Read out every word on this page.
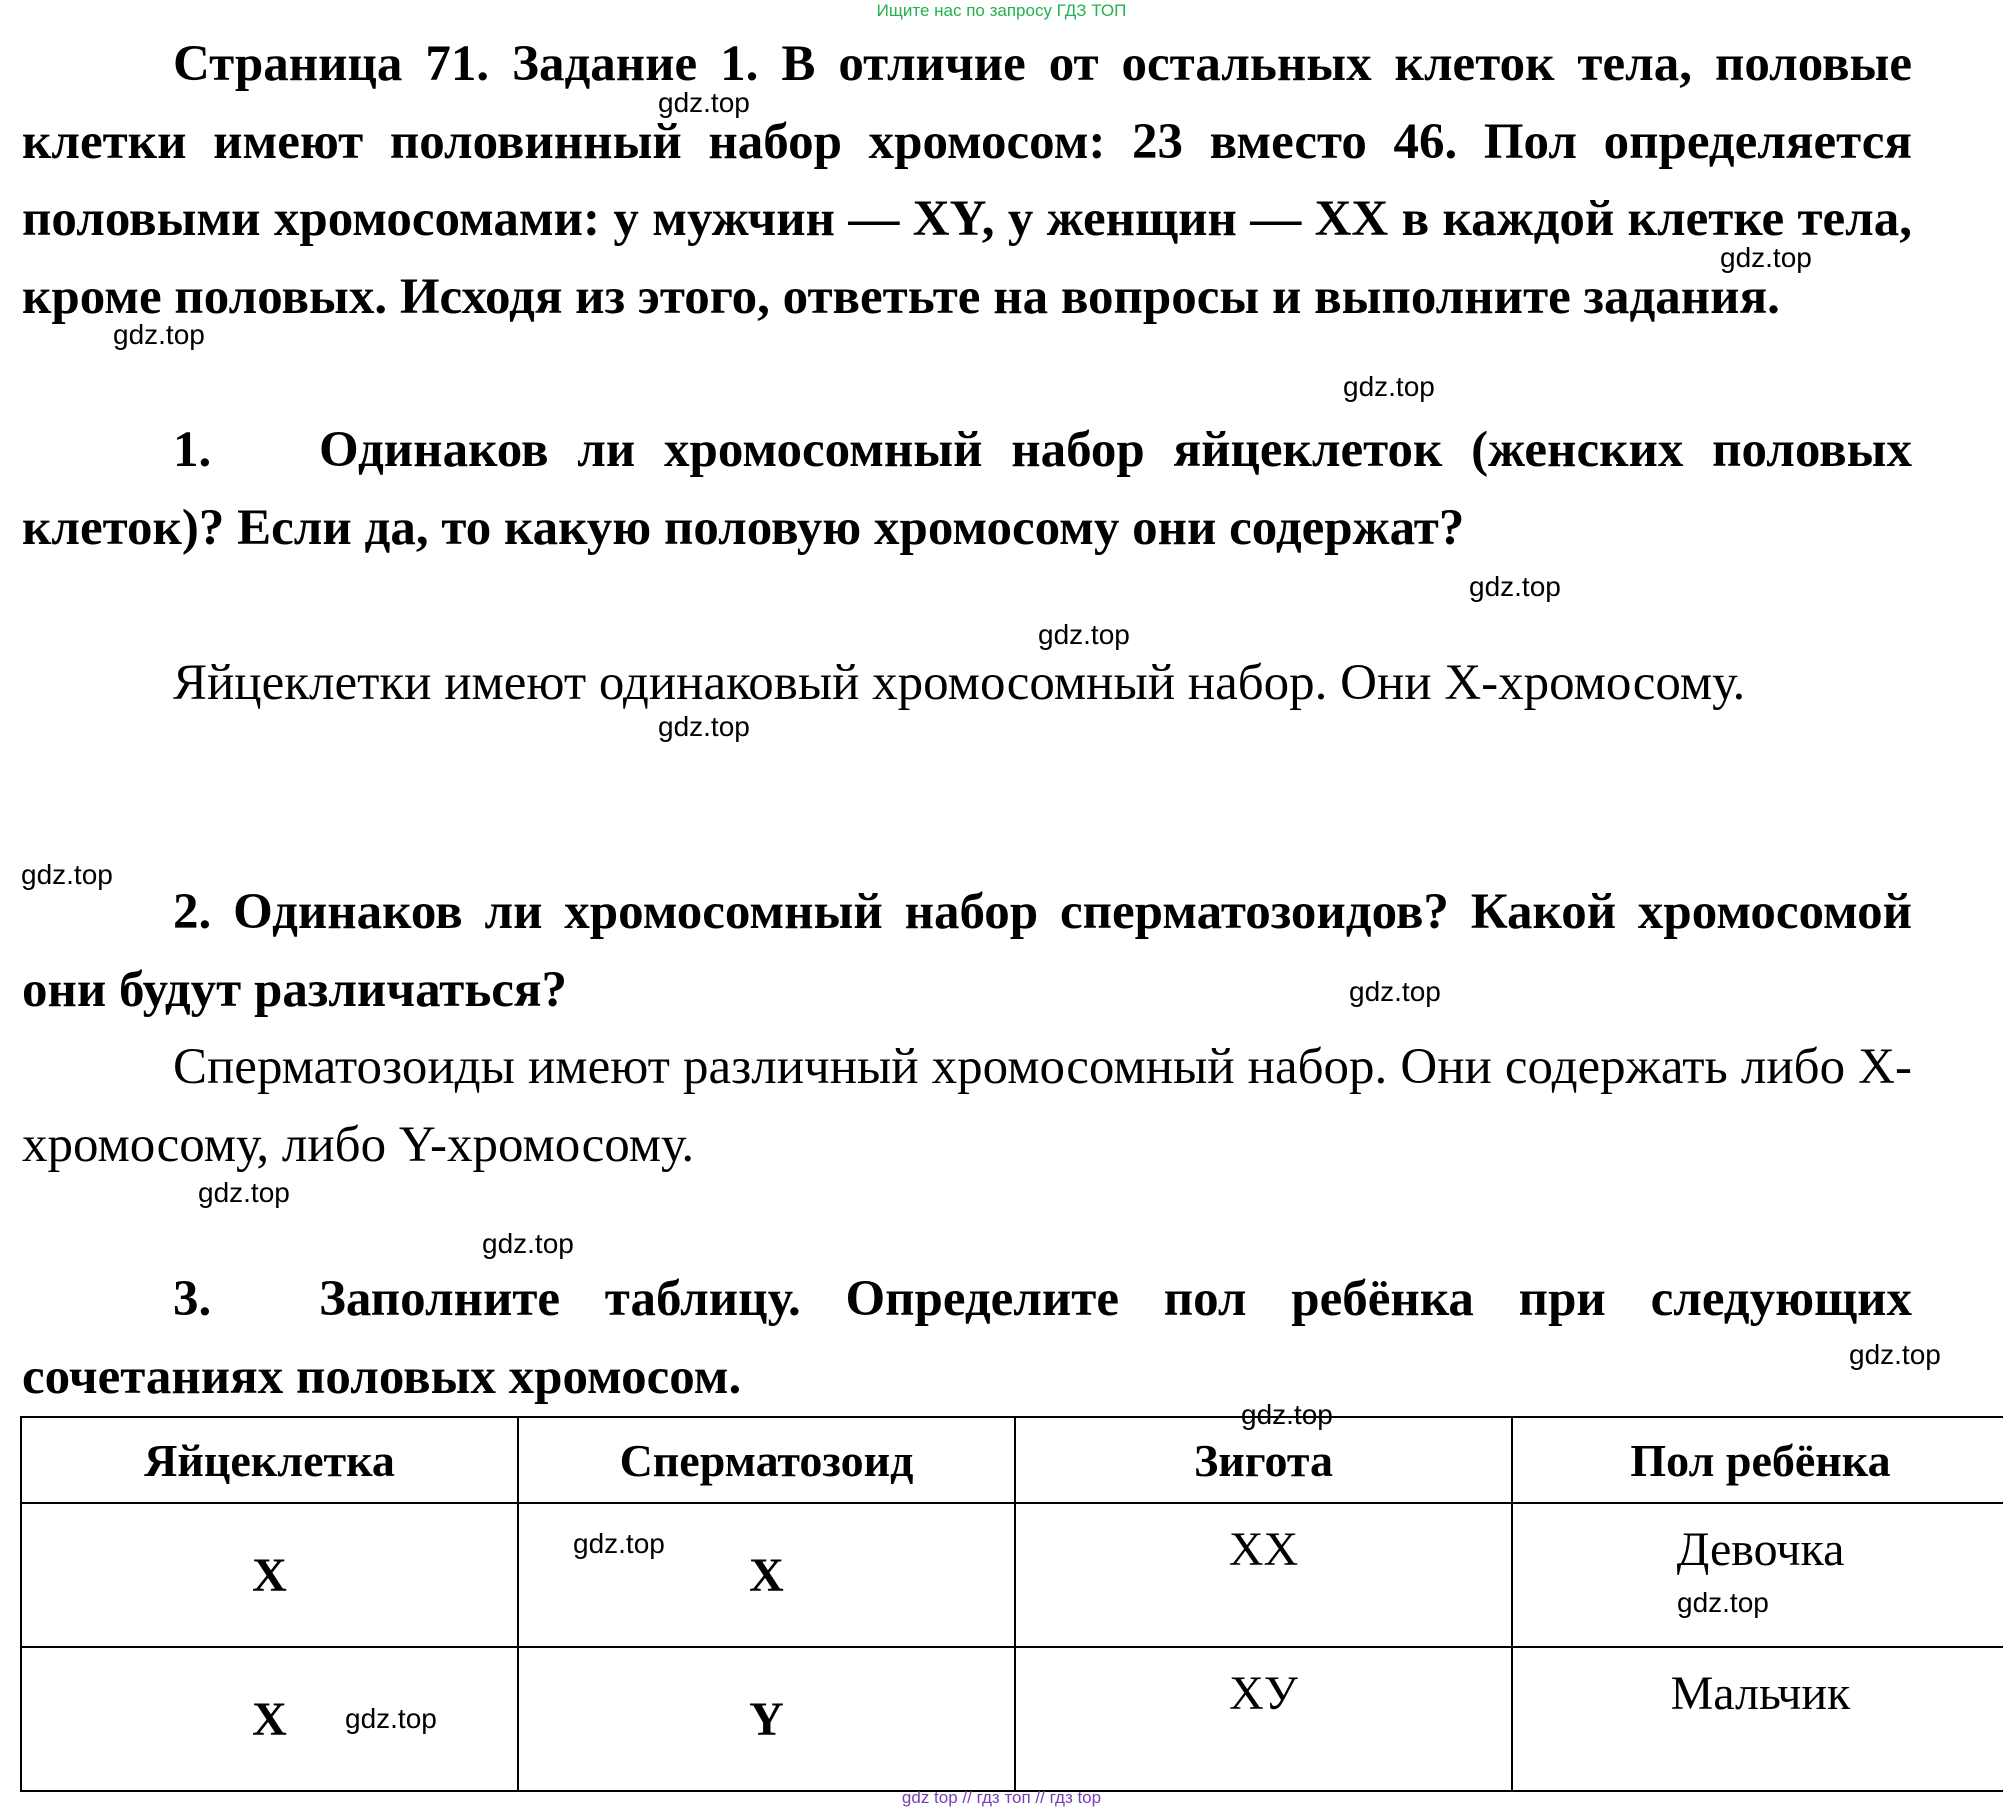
Ищите нас по запросу ГДЗ ТОП

Страница 71. Задание 1. В отличие от остальных клеток тела, половые клетки имеют половинный набор хромосом: 23 вместо 46. Пол определяется половыми хромосомами: у мужчин — XY, у женщин — XX в каждой клетке тела, кроме половых. Исходя из этого, ответьте на вопросы и выполните задания.

1. Одинаков ли хромосомный набор яйцеклеток (женских половых клеток)? Если да, то какую половую хромосому они содержат?

Яйцеклетки имеют одинаковый хромосомный набор. Они X-хромосому.

2. Одинаков ли хромосомный набор сперматозоидов? Какой хромосомой они будут различаться?

Сперматозоиды имеют различный хромосомный набор. Они содержать либо X-хромосому, либо Y-хромосому.

3. Заполните таблицу. Определите пол ребёнка при следующих сочетаниях половых хромосом.

Яйцеклетка	Сперматозоид	Зигота	Пол ребёнка
X	X	XX	Девочка
X	Y	XУ	Мальчик
gdz.top
gdz.top
gdz.top
gdz.top
gdz.top
gdz.top
gdz.top
gdz.top
gdz.top
gdz.top
gdz.top
gdz.top
gdz.top
gdz.top
gdz.top
gdz.top
gdz top // гдз топ // гдз top
